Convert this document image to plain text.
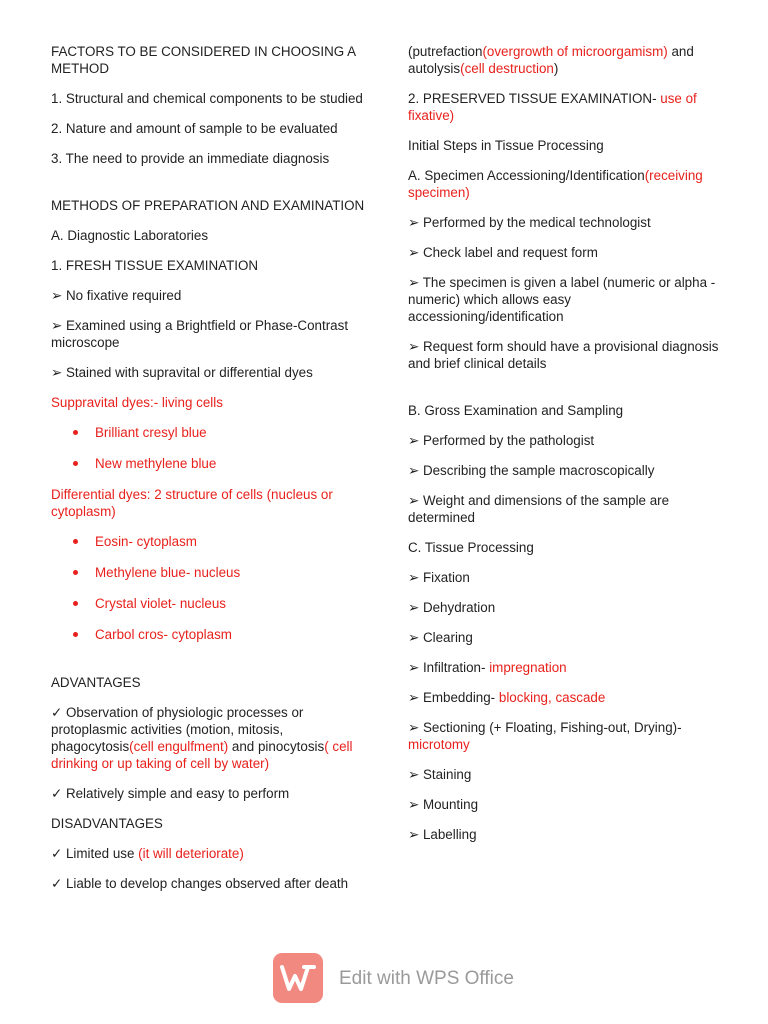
FACTORS TO BE CONSIDERED IN CHOOSING A METHOD

1. Structural and chemical components to be studied

2. Nature and amount of sample to be evaluated

3. The need to provide an immediate diagnosis

METHODS OF PREPARATION AND EXAMINATION

A. Diagnostic Laboratories

1. FRESH TISSUE EXAMINATION

➢ No fixative required

➢ Examined using a Brightfield or Phase-Contrast microscope

➢ Stained with supravital or differential dyes

Suppravital dyes:- living cells

Brilliant cresyl blue
New methylene blue

Differential dyes: 2 structure of cells (nucleus or cytoplasm)

Eosin- cytoplasm
Methylene blue- nucleus
Crystal violet- nucleus
Carbol cros- cytoplasm

ADVANTAGES

✓ Observation of physiologic processes or protoplasmic activities (motion, mitosis, phagocytosis(cell engulfment) and pinocytosis( cell drinking or up taking of cell by water)

✓ Relatively simple and easy to perform

DISADVANTAGES

✓ Limited use (it will deteriorate)

✓ Liable to develop changes observed after death

(putrefaction(overgrowth of microorgamism) and autolysis(cell destruction)

2. PRESERVED TISSUE EXAMINATION- use of fixative)

Initial Steps in Tissue Processing

A. Specimen Accessioning/Identification(receiving specimen)

➢ Performed by the medical technologist

➢ Check label and request form

➢ The specimen is given a label (numeric or alpha -numeric) which allows easy accessioning/identification

➢ Request form should have a provisional diagnosis and brief clinical details

B. Gross Examination and Sampling

➢ Performed by the pathologist

➢ Describing the sample macroscopically

➢ Weight and dimensions of the sample are determined

C. Tissue Processing

➢ Fixation

➢ Dehydration

➢ Clearing

➢ Infiltration- impregnation

➢ Embedding- blocking, cascade

➢ Sectioning (+ Floating, Fishing-out, Drying)- microtomy

➢ Staining

➢ Mounting

➢ Labelling

Edit with WPS Office
